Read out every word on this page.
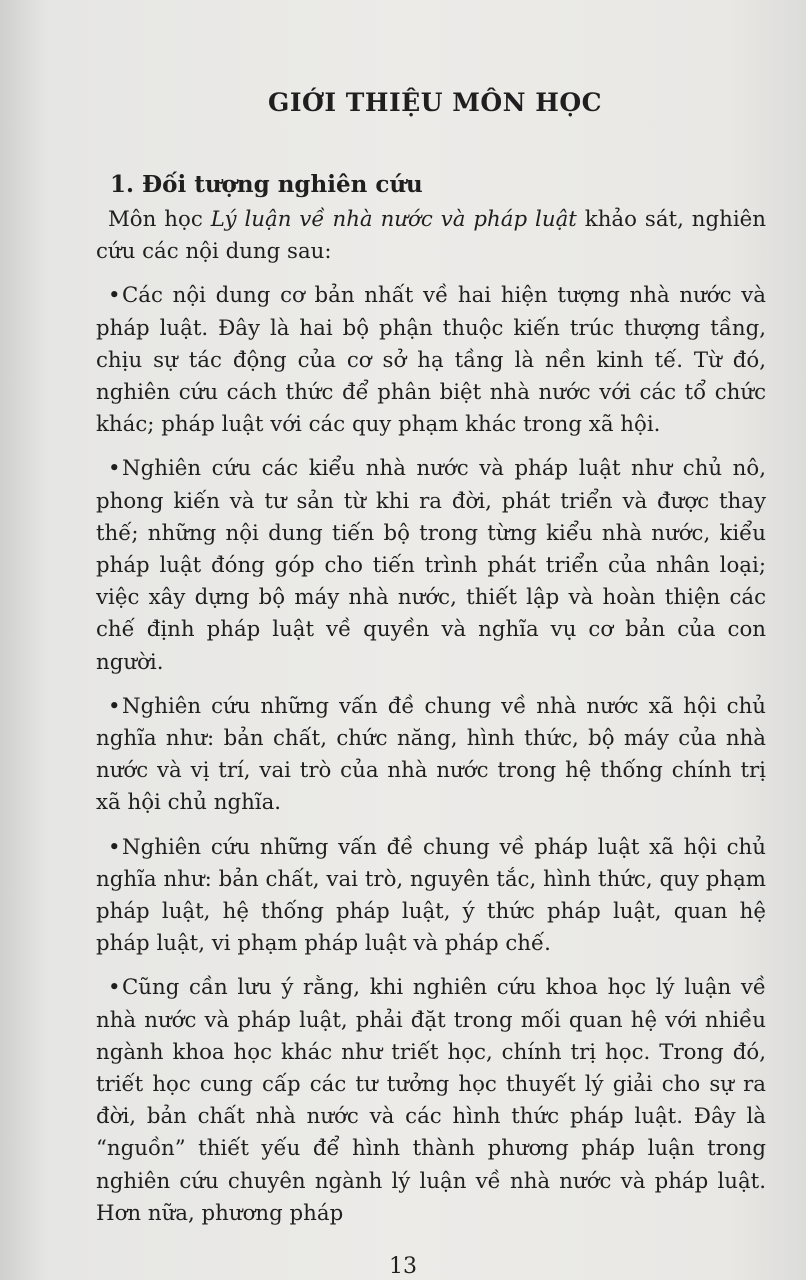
GIỚI THIỆU MÔN HỌC
1. Đối tượng nghiên cứu

Môn học Lý luận về nhà nước và pháp luật khảo sát, nghiên cứu các nội dung sau:

•Các nội dung cơ bản nhất về hai hiện tượng nhà nước và pháp luật. Đây là hai bộ phận thuộc kiến trúc thượng tầng, chịu sự tác động của cơ sở hạ tầng là nền kinh tế. Từ đó, nghiên cứu cách thức để phân biệt nhà nước với các tổ chức khác; pháp luật với các quy phạm khác trong xã hội.

•Nghiên cứu các kiểu nhà nước và pháp luật như chủ nô, phong kiến và tư sản từ khi ra đời, phát triển và được thay thế; những nội dung tiến bộ trong từng kiểu nhà nước, kiểu pháp luật đóng góp cho tiến trình phát triển của nhân loại; việc xây dựng bộ máy nhà nước, thiết lập và hoàn thiện các chế định pháp luật về quyền và nghĩa vụ cơ bản của con người.

•Nghiên cứu những vấn đề chung về nhà nước xã hội chủ nghĩa như: bản chất, chức năng, hình thức, bộ máy của nhà nước và vị trí, vai trò của nhà nước trong hệ thống chính trị xã hội chủ nghĩa.

•Nghiên cứu những vấn đề chung về pháp luật xã hội chủ nghĩa như: bản chất, vai trò, nguyên tắc, hình thức, quy phạm pháp luật, hệ thống pháp luật, ý thức pháp luật, quan hệ pháp luật, vi phạm pháp luật và pháp chế.

•Cũng cần lưu ý rằng, khi nghiên cứu khoa học lý luận về nhà nước và pháp luật, phải đặt trong mối quan hệ với nhiều ngành khoa học khác như triết học, chính trị học. Trong đó, triết học cung cấp các tư tưởng học thuyết lý giải cho sự ra đời, bản chất nhà nước và các hình thức pháp luật. Đây là “nguồn” thiết yếu để hình thành phương pháp luận trong nghiên cứu chuyên ngành lý luận về nhà nước và pháp luật. Hơn nữa, phương pháp

13
